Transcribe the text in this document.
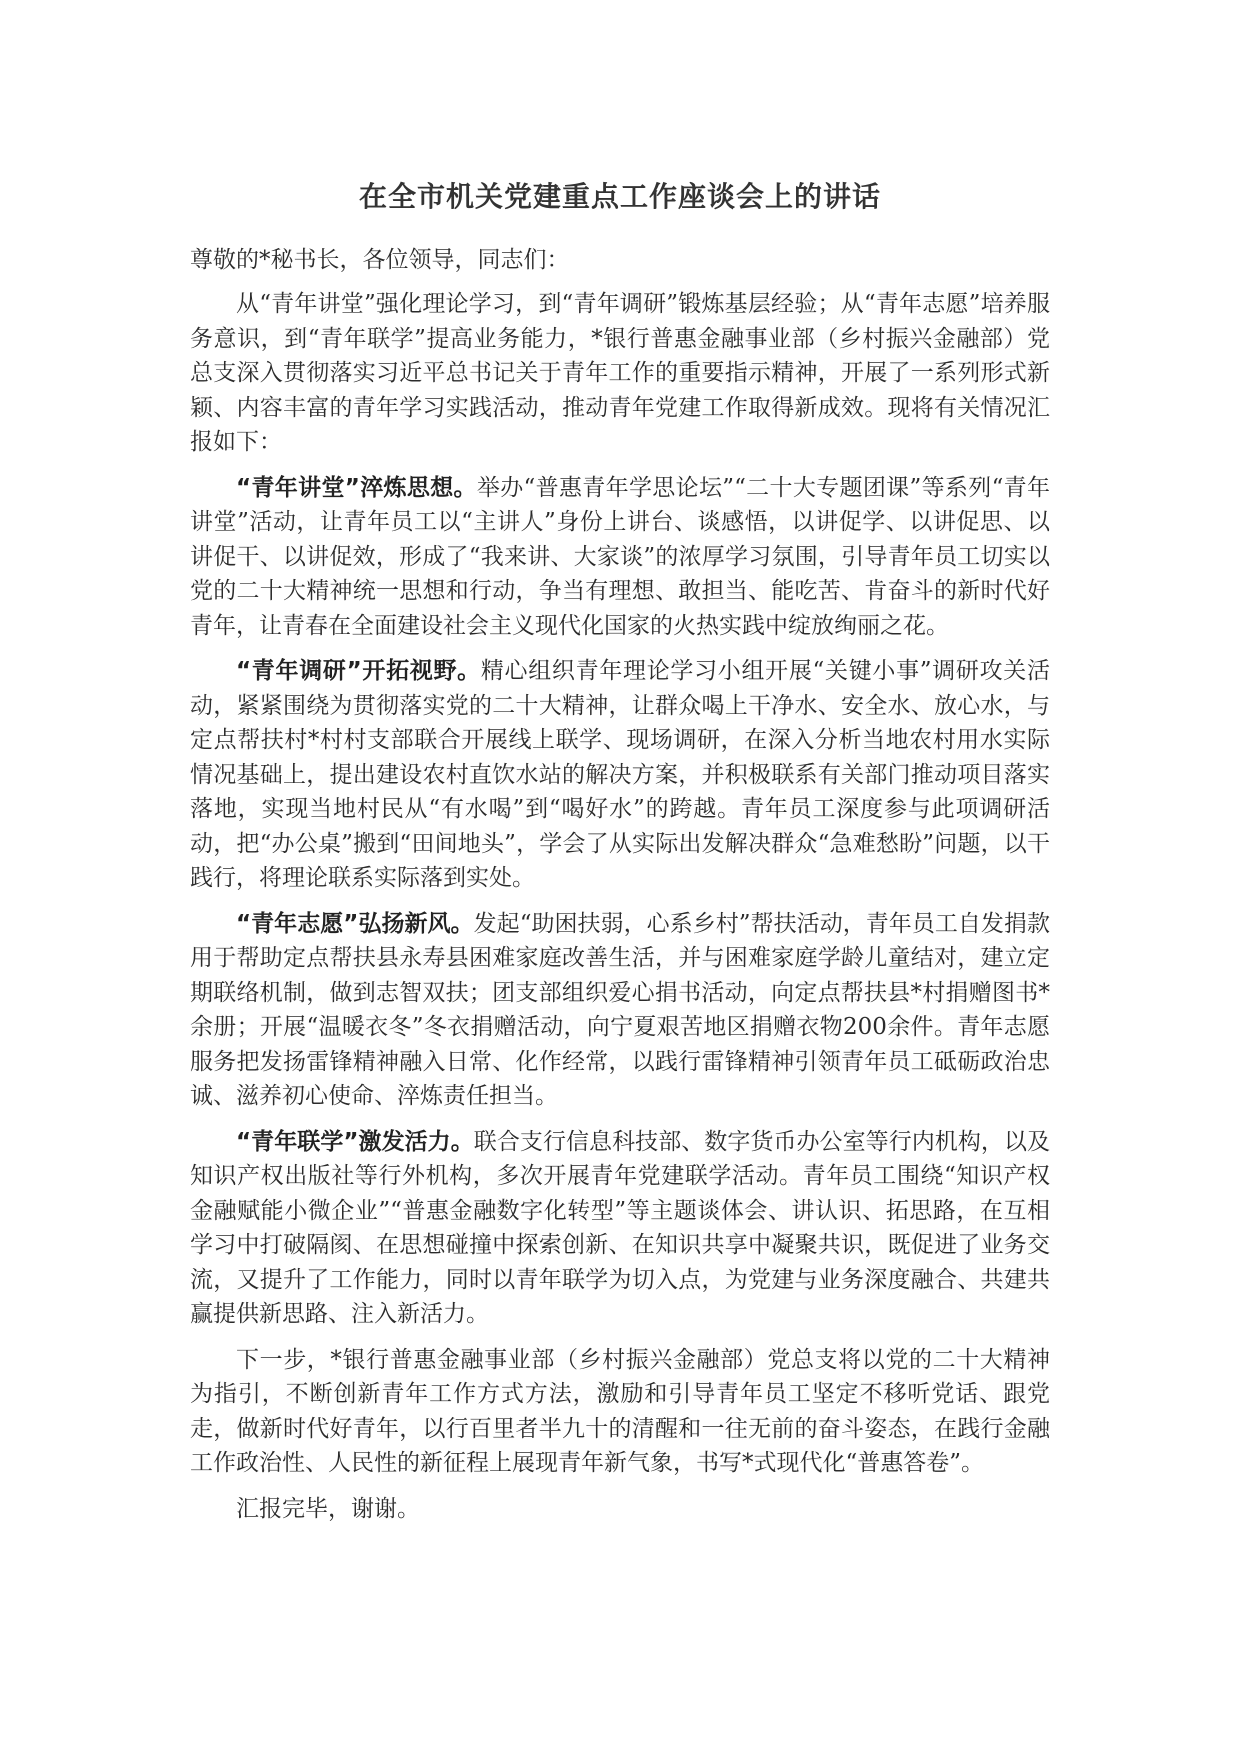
在全市机关党建重点工作座谈会上的讲话

尊敬的*秘书长，各位领导，同志们：

从“青年讲堂”强化理论学习，到“青年调研”锻炼基层经验；从“青年志愿”培养服务意识，到“青年联学”提高业务能力，*银行普惠金融事业部（乡村振兴金融部）党总支深入贯彻落实习近平总书记关于青年工作的重要指示精神，开展了一系列形式新颖、内容丰富的青年学习实践活动，推动青年党建工作取得新成效。现将有关情况汇报如下：

“青年讲堂”淬炼思想。举办“普惠青年学思论坛”“二十大专题团课”等系列“青年讲堂”活动，让青年员工以“主讲人”身份上讲台、谈感悟，以讲促学、以讲促思、以讲促干、以讲促效，形成了“我来讲、大家谈”的浓厚学习氛围，引导青年员工切实以党的二十大精神统一思想和行动，争当有理想、敢担当、能吃苦、肯奋斗的新时代好青年，让青春在全面建设社会主义现代化国家的火热实践中绽放绚丽之花。

“青年调研”开拓视野。精心组织青年理论学习小组开展“关键小事”调研攻关活动，紧紧围绕为贯彻落实党的二十大精神，让群众喝上干净水、安全水、放心水，与定点帮扶村*村村支部联合开展线上联学、现场调研，在深入分析当地农村用水实际情况基础上，提出建设农村直饮水站的解决方案，并积极联系有关部门推动项目落实落地，实现当地村民从“有水喝”到“喝好水”的跨越。青年员工深度参与此项调研活动，把“办公桌”搬到“田间地头”，学会了从实际出发解决群众“急难愁盼”问题，以干践行，将理论联系实际落到实处。

“青年志愿”弘扬新风。发起“助困扶弱，心系乡村”帮扶活动，青年员工自发捐款用于帮助定点帮扶县永寿县困难家庭改善生活，并与困难家庭学龄儿童结对，建立定期联络机制，做到志智双扶；团支部组织爱心捐书活动，向定点帮扶县*村捐赠图书*余册；开展“温暖衣冬”冬衣捐赠活动，向宁夏艰苦地区捐赠衣物200余件。青年志愿服务把发扬雷锋精神融入日常、化作经常，以践行雷锋精神引领青年员工砥砺政治忠诚、滋养初心使命、淬炼责任担当。

“青年联学”激发活力。联合支行信息科技部、数字货币办公室等行内机构，以及知识产权出版社等行外机构，多次开展青年党建联学活动。青年员工围绕“知识产权金融赋能小微企业”“普惠金融数字化转型”等主题谈体会、讲认识、拓思路，在互相学习中打破隔阂、在思想碰撞中探索创新、在知识共享中凝聚共识，既促进了业务交流，又提升了工作能力，同时以青年联学为切入点，为党建与业务深度融合、共建共赢提供新思路、注入新活力。

下一步，*银行普惠金融事业部（乡村振兴金融部）党总支将以党的二十大精神为指引，不断创新青年工作方式方法，激励和引导青年员工坚定不移听党话、跟党走，做新时代好青年，以行百里者半九十的清醒和一往无前的奋斗姿态，在践行金融工作政治性、人民性的新征程上展现青年新气象，书写*式现代化“普惠答卷”。

汇报完毕，谢谢。
